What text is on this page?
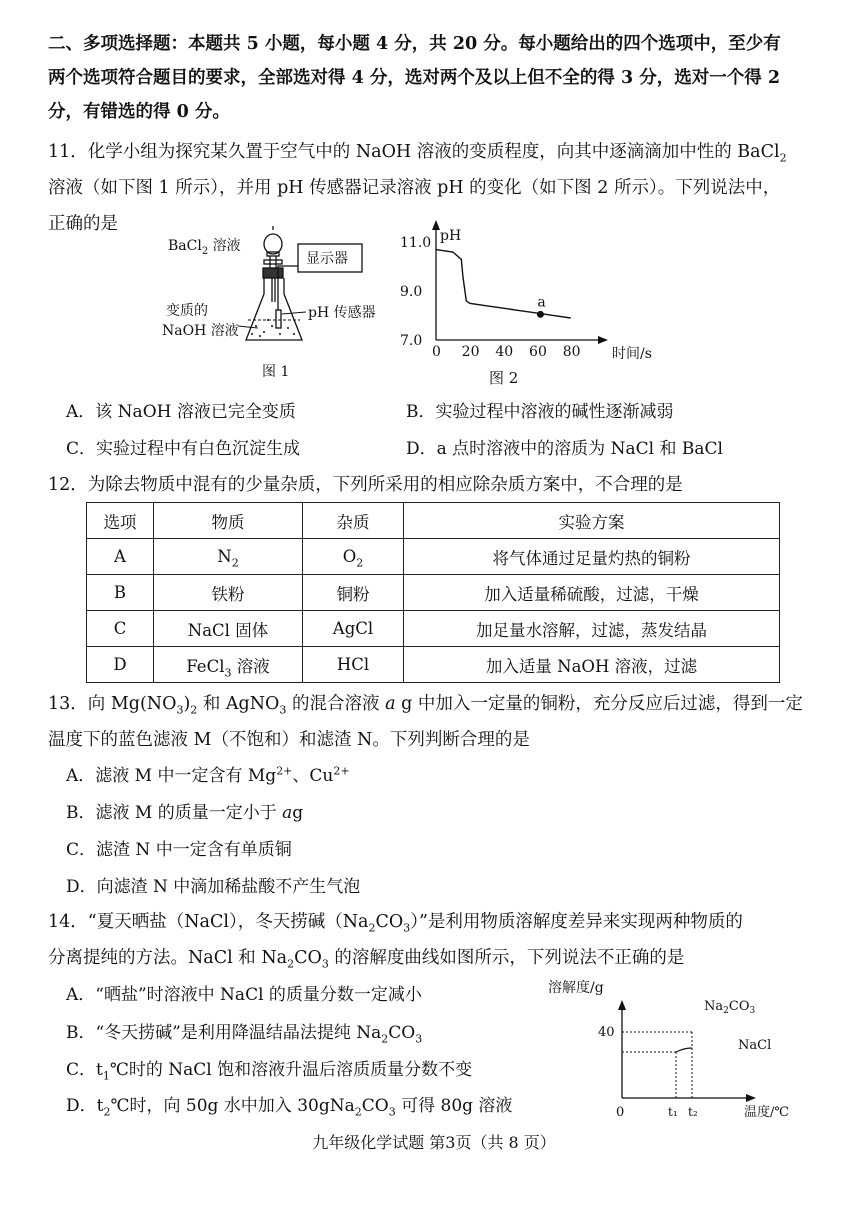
二、多项选择题：本题共 5 小题，每小题 4 分，共 20 分。每小题给出的四个选项中，至少有
两个选项符合题目的要求，全部选对得 4 分，选对两个及以上但不全的得 3 分，选对一个得 2
分，有错选的得 0 分。
11．化学小组为探究某久置于空气中的 NaOH 溶液的变质程度，向其中逐滴滴加中性的 BaCl$_2$
溶液（如下图 1 所示），并用 pH 传感器记录溶液 pH 的变化（如下图 2 所示）。下列说法中，
正确的是
BaCl$_2$ 溶液
显示器
变质的
NaOH 溶液
pH 传感器
图 1
7.0
9.0
11.0
0 20 40 60 80
pH
时间/s
a
图 2
A．该 NaOH 溶液已完全变质	B．实验过程中溶液的碱性逐渐减弱
C．实验过程中有白色沉淀生成	D．a 点时溶液中的溶质为 NaCl 和 BaCl
12．为除去物质中混有的少量杂质，下列所采用的相应除杂质方案中，不合理的是
选项	物质	杂质	实验方案
A	$N_2$	$O_2$	将气体通过足量灼热的铜粉
B	铁粉	铜粉	加入适量稀硫酸，过滤，干燥
C	NaCl 固体	AgCl	加足量水溶解，过滤，蒸发结晶
D	FeCl$_3$ 溶液	HCl	加入适量 NaOH 溶液，过滤
13．向 $Mg(NO_3)_2$ 和 AgNO$_3$ 的混合溶液 a g 中加入一定量的铜粉，充分反应后过滤，得到一定
温度下的蓝色滤液 M（不饱和）和滤渣 N。下列判断合理的是
A．滤液 M 中一定含有 $Mg^{2+}$、$Cu^{2+}$
B．滤液 M 的质量一定小于 ag
C．滤渣 N 中一定含有单质铜
D．向滤渣 N 中滴加稀盐酸不产生气泡
14．“夏天晒盐（NaCl），冬天捞碱$(Na_2CO_3)$”是利用物质溶解度差异来实现两种物质的
分离提纯的方法。NaCl 和 $Na_2CO_3$ 的溶解度曲线如图所示，下列说法不正确的是
A．“晒盐”时溶液中 NaCl 的质量分数一定减小
B．“冬天捞碱”是利用降温结晶法提纯 $Na_2CO_3$
C．$t_1℃$时的 NaCl 饱和溶液升温后溶质质量分数不变
D．$t_2℃$时，向 50g 水中加入 $30gNa_2CO_3$ 可得 80g 溶液
溶解度/g
0
40
t₁ t₂
$Na_2CO_3$
NaCl
温度/℃
九年级化学试题 第3页（共 8 页）
